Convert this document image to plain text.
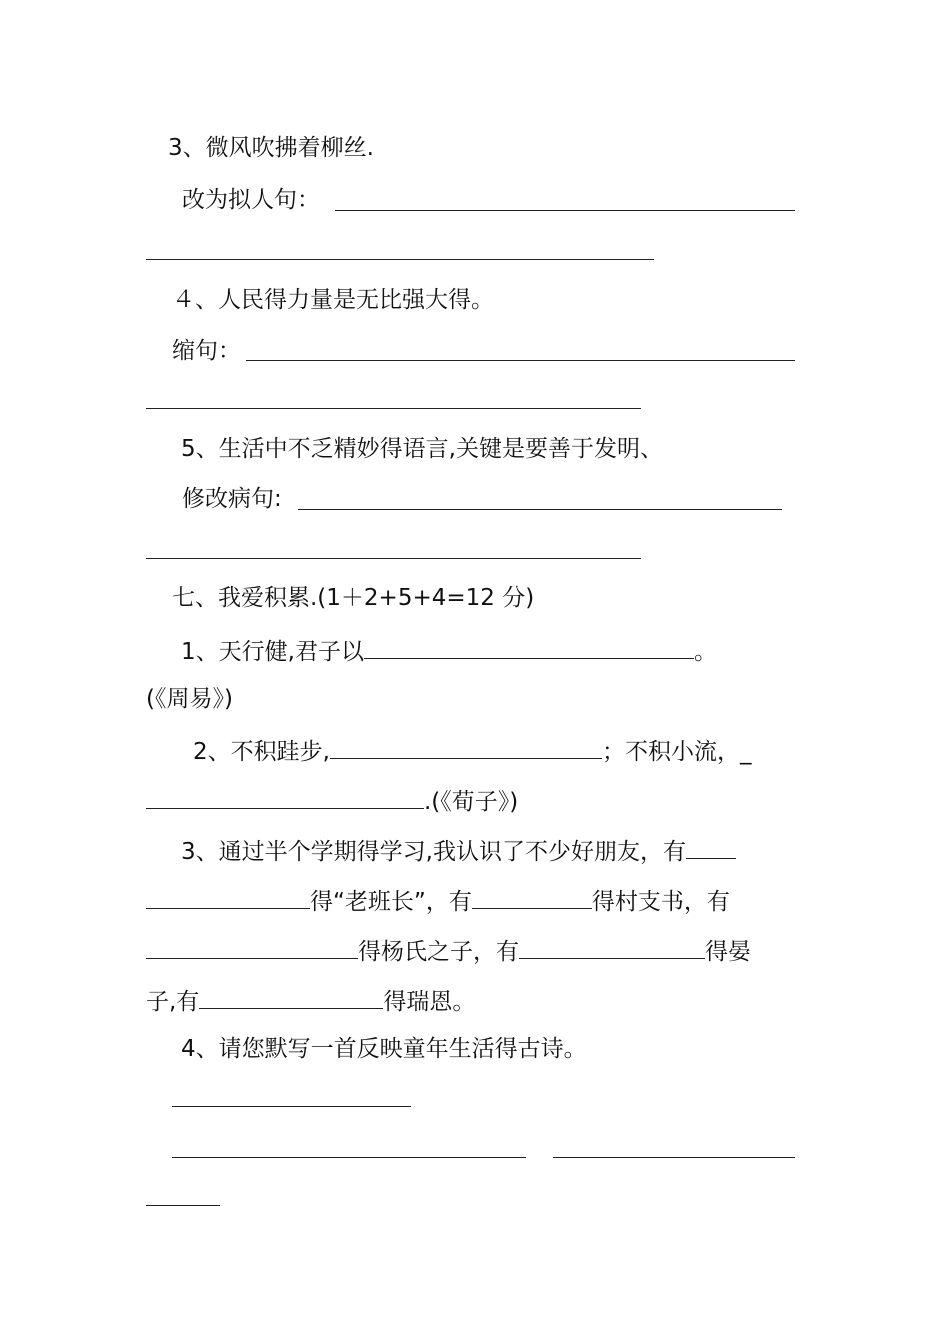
3、微风吹拂着柳丝.
改为拟人句：
４、人民得力量是无比强大得。
缩句：
5、生活中不乏精妙得语言,关键是要善于发明、
修改病句:
七、我爱积累.(1＋2+5+4=12 分)
1、天行健,君子以	。
(《周易》)
2、不积跬步,	；不积小流，_
.(《荀子》)
3、通过半个学期得学习,我认识了不少好朋友，有
得“老班长”，有	得村支书，有
得杨氏之子，有	得晏
子,有	得瑞恩。
4、请您默写一首反映童年生活得古诗。
